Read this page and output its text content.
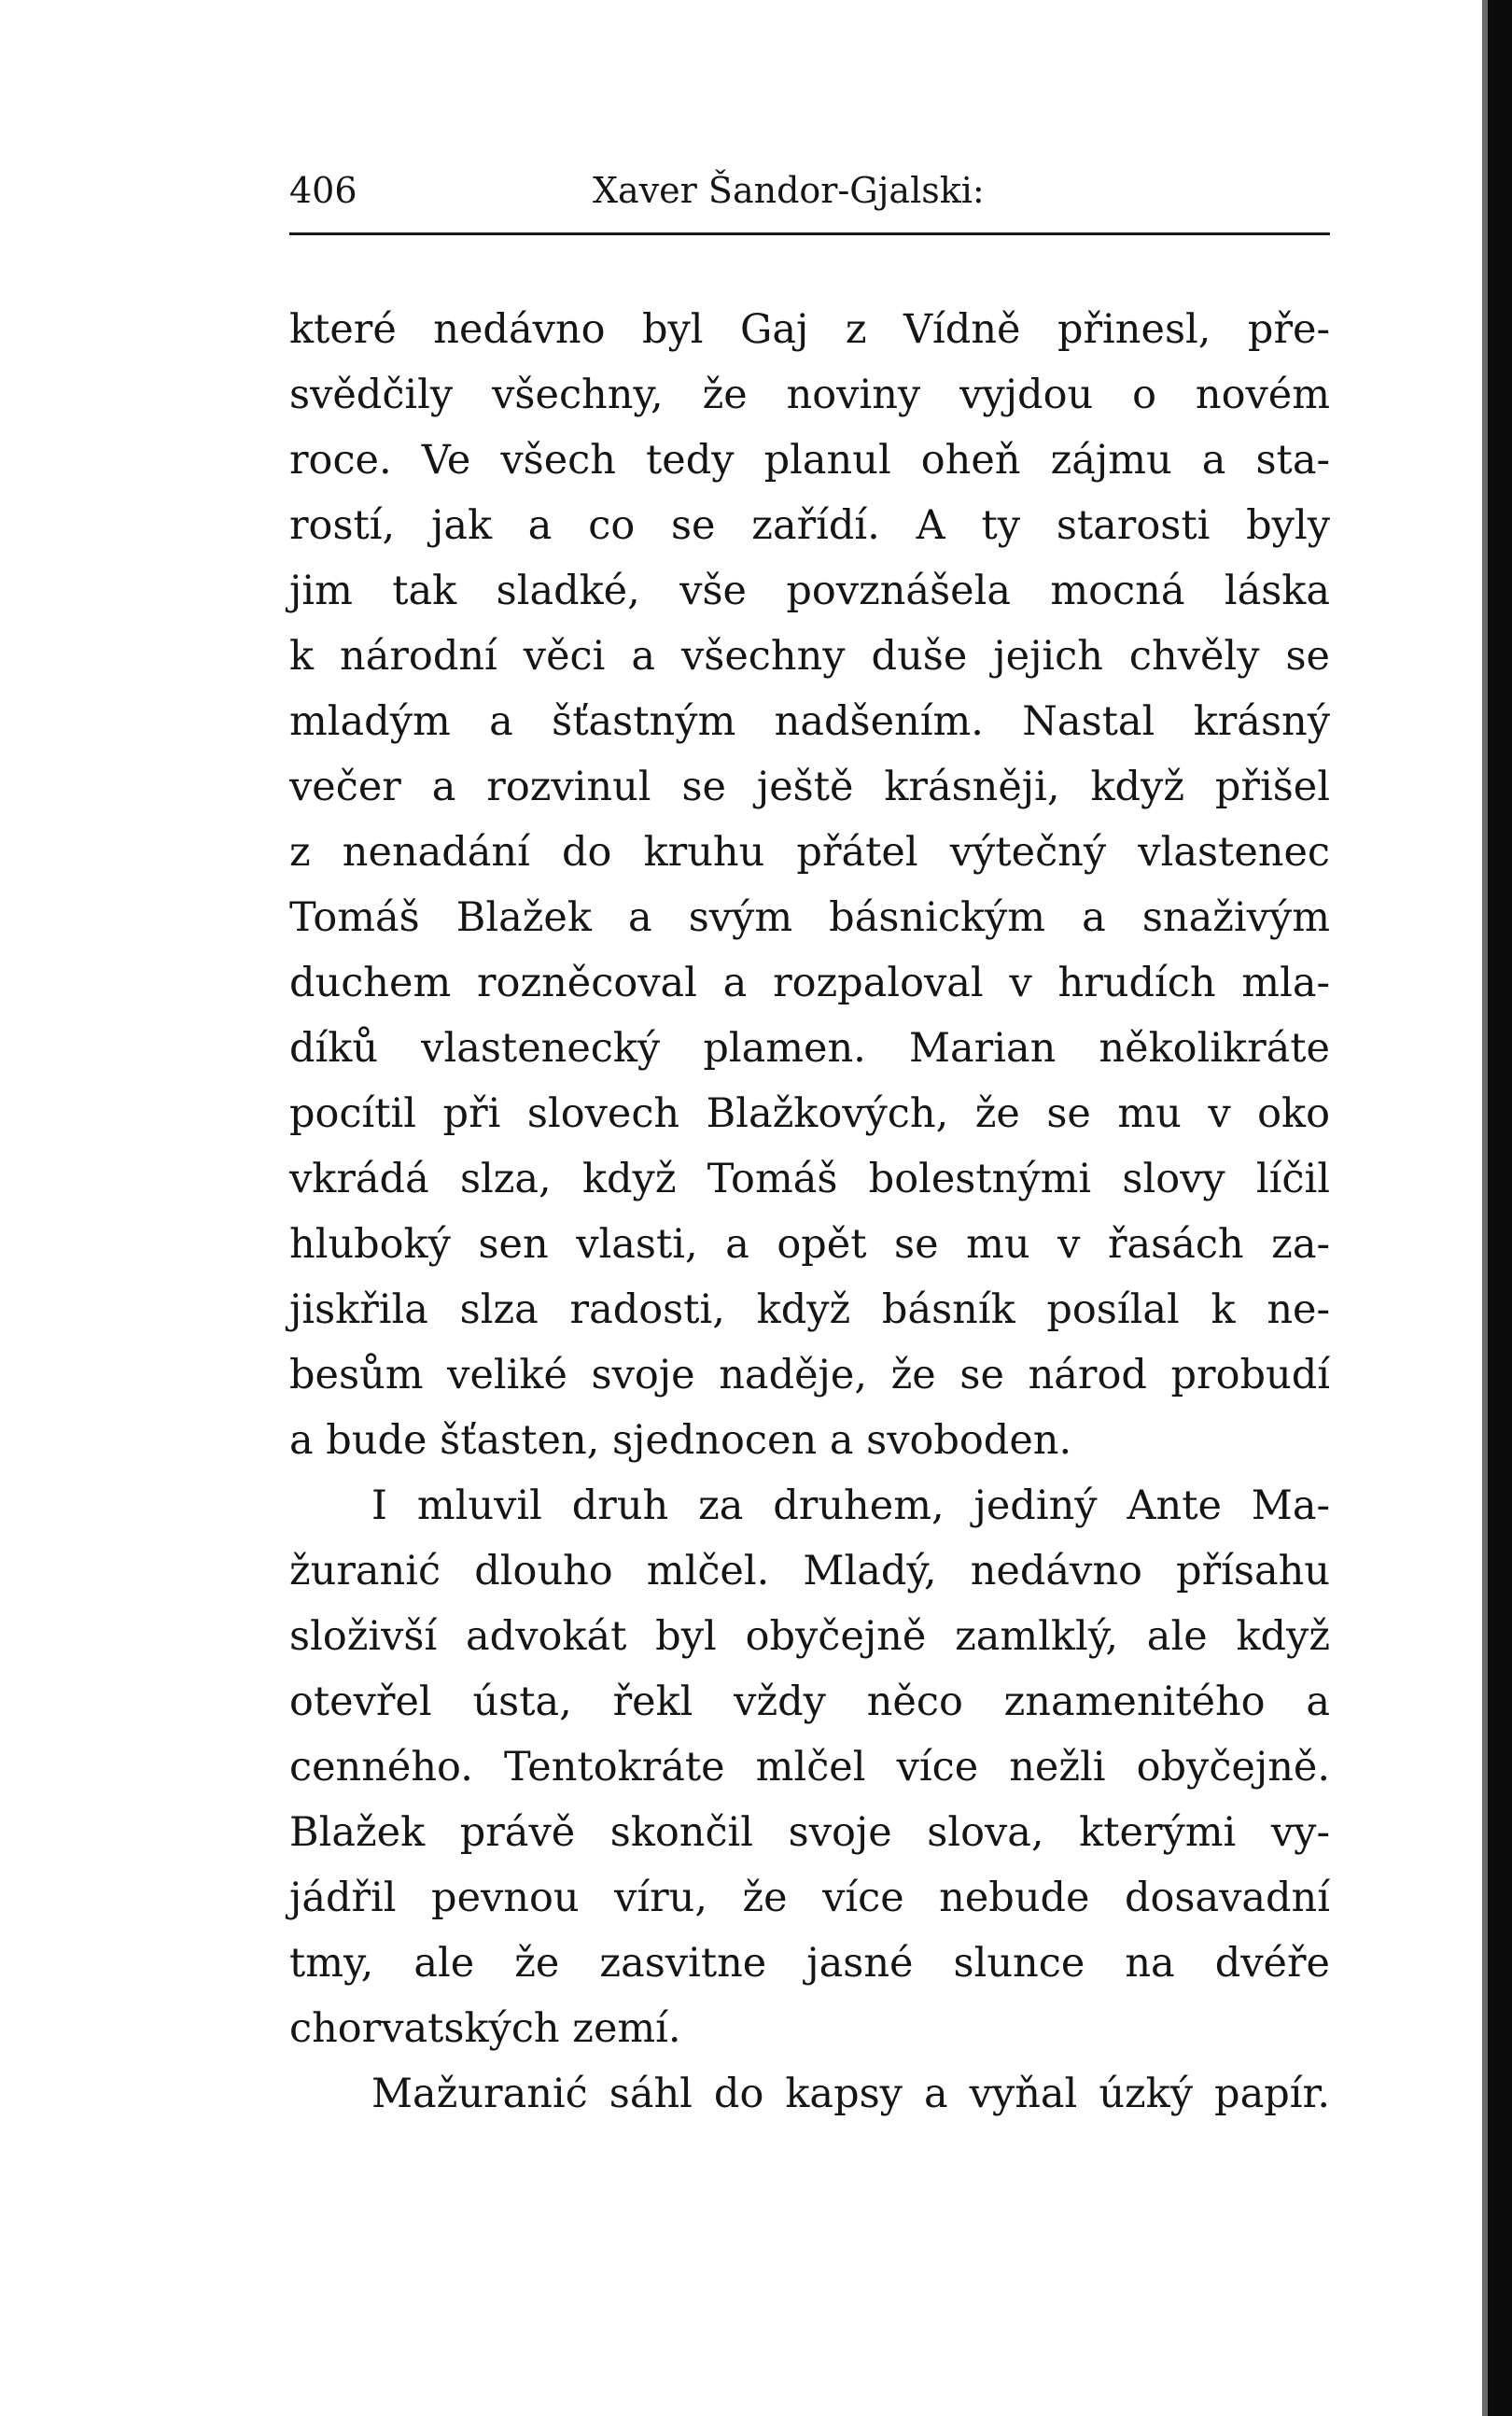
406	Xaver Šandor-Gjalski:
které nedávno byl Gaj z Vídně přinesl, pře-
svědčily všechny, že noviny vyjdou o novém
roce. Ve všech tedy planul oheň zájmu a sta-
rostí, jak a co se zařídí. A ty starosti byly
jim tak sladké, vše povznášela mocná láska
k národní věci a všechny duše jejich chvěly se
mladým a šťastným nadšením. Nastal krásný
večer a rozvinul se ještě krásněji, když přišel
z nenadání do kruhu přátel výtečný vlastenec
Tomáš Blažek a svým básnickým a snaživým
duchem rozněcoval a rozpaloval v hrudích mla-
díků vlastenecký plamen. Marian několikráte
pocítil při slovech Blažkových, že se mu v oko
vkrádá slza, když Tomáš bolestnými slovy líčil
hluboký sen vlasti, a opět se mu v řasách za-
jiskřila slza radosti, když básník posílal k ne-
besům veliké svoje naděje, že se národ probudí
a bude šťasten, sjednocen a svoboden.
I mluvil druh za druhem, jediný Ante Ma-
žuranić dlouho mlčel. Mladý, nedávno přísahu
složivší advokát byl obyčejně zamlklý, ale když
otevřel ústa, řekl vždy něco znamenitého a
cenného. Tentokráte mlčel více nežli obyčejně.
Blažek právě skončil svoje slova, kterými vy-
jádřil pevnou víru, že více nebude dosavadní
tmy, ale že zasvitne jasné slunce na dvéře
chorvatských zemí.
Mažuranić sáhl do kapsy a vyňal úzký papír.
